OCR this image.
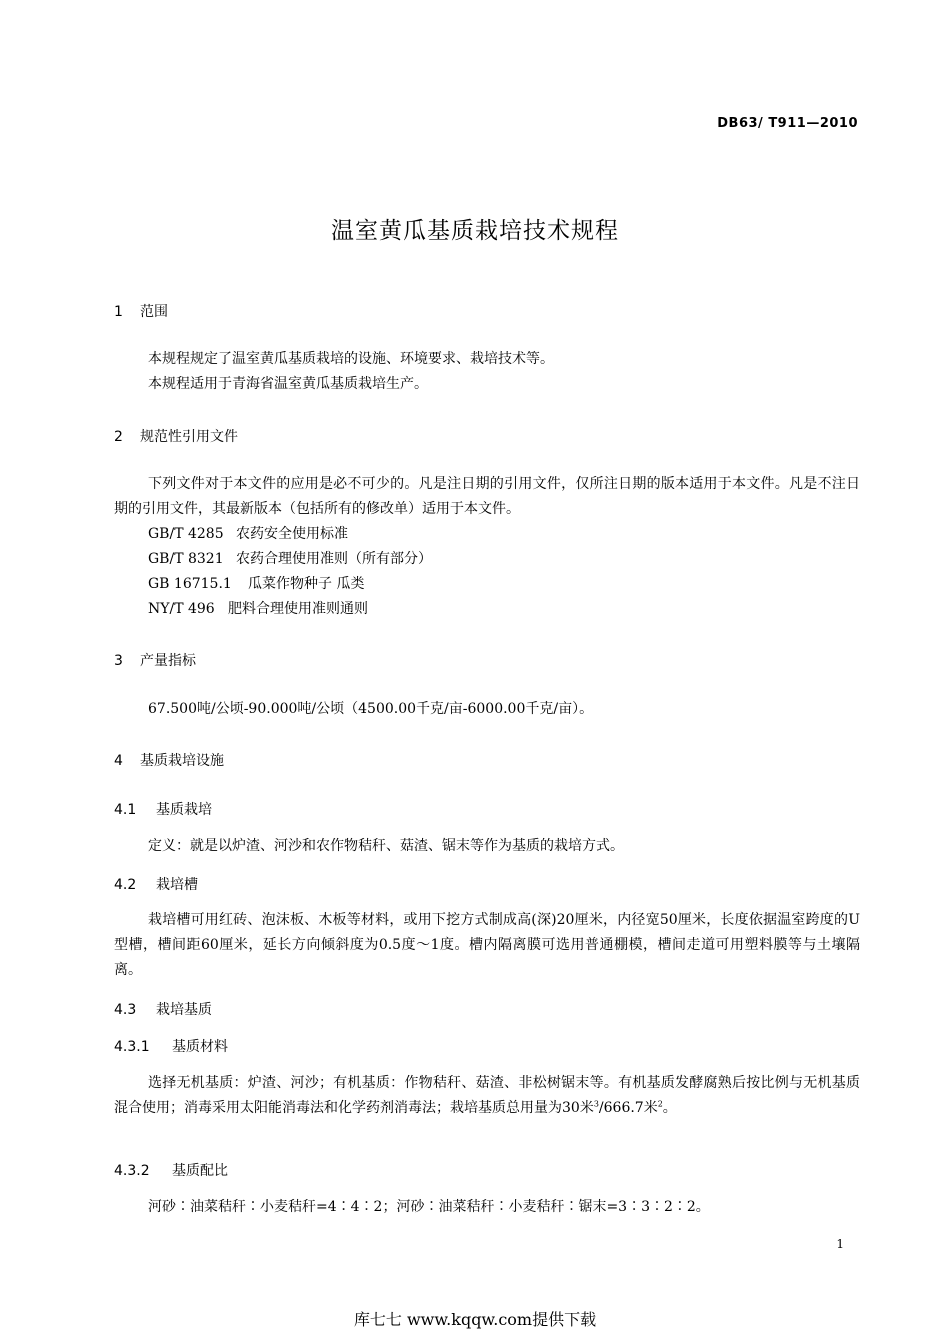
DB63/ T911—2010
温室黄瓜基质栽培技术规程
1 范围
本规程规定了温室黄瓜基质栽培的设施、环境要求、栽培技术等。
本规程适用于青海省温室黄瓜基质栽培生产。
2 规范性引用文件

下列文件对于本文件的应用是必不可少的。凡是注日期的引用文件，仅所注日期的版本适用于本文件。凡是不注日期的引用文件，其最新版本（包括所有的修改单）适用于本文件。

GB/T 4285 农药安全使用标准
GB/T 8321 农药合理使用准则（所有部分）
GB 16715.1 瓜菜作物种子 瓜类
NY/T 496 肥料合理使用准则通则
3 产量指标
67.500吨/公顷-90.000吨/公顷（4500.00千克/亩-6000.00千克/亩）。
4 基质栽培设施
4.1 基质栽培
定义：就是以炉渣、河沙和农作物秸秆、菇渣、锯末等作为基质的栽培方式。
4.2 栽培槽

栽培槽可用红砖、泡沫板、木板等材料，或用下挖方式制成高(深)20厘米，内径宽50厘米，长度依据温室跨度的U型槽，槽间距60厘米，延长方向倾斜度为0.5度～1度。槽内隔离膜可选用普通棚模，槽间走道可用塑料膜等与土壤隔离。

4.3 栽培基质
4.3.1 基质材料

选择无机基质：炉渣、河沙；有机基质：作物秸秆、菇渣、非松树锯末等。有机基质发酵腐熟后按比例与无机基质混合使用；消毒采用太阳能消毒法和化学药剂消毒法；栽培基质总用量为30米$^3$/666.7米$^2$。

4.3.2 基质配比
河砂∶油菜秸秆∶小麦秸秆=4∶4∶2；河砂∶油菜秸秆∶小麦秸秆∶锯末=3∶3∶2∶2。
1
库七七 www.kqqw.com提供下载
